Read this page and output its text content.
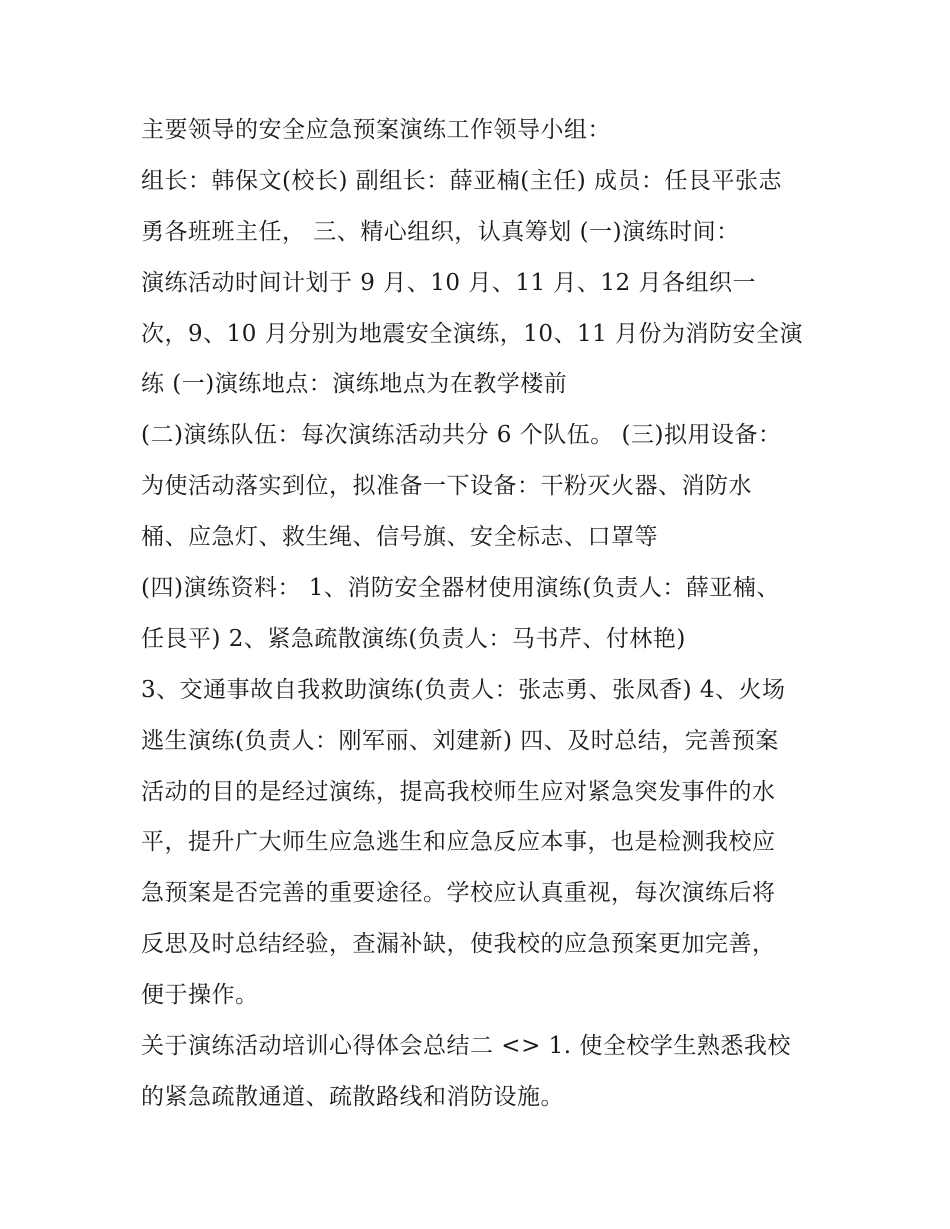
主要领导的安全应急预案演练工作领导小组：
组长：韩保文(校长) 副组长：薛亚楠(主任) 成员：任艮平张志
勇各班班主任， 三、精心组织，认真筹划 (一)演练时间：
演练活动时间计划于 9 月、10 月、11 月、12 月各组织一
次，9、10 月分别为地震安全演练，10、11 月份为消防安全演
练 (一)演练地点：演练地点为在教学楼前
(二)演练队伍：每次演练活动共分 6 个队伍。 (三)拟用设备：
为使活动落实到位，拟准备一下设备：干粉灭火器、消防水
桶、应急灯、救生绳、信号旗、安全标志、口罩等
(四)演练资料： 1、消防安全器材使用演练(负责人：薛亚楠、
任艮平) 2、紧急疏散演练(负责人：马书芹、付林艳)
3、交通事故自我救助演练(负责人：张志勇、张凤香) 4、火场
逃生演练(负责人：刚军丽、刘建新) 四、及时总结，完善预案
活动的目的是经过演练，提高我校师生应对紧急突发事件的水
平，提升广大师生应急逃生和应急反应本事，也是检测我校应
急预案是否完善的重要途径。学校应认真重视，每次演练后将
反思及时总结经验，查漏补缺，使我校的应急预案更加完善，
便于操作。
关于演练活动培训心得体会总结二 <> 1. 使全校学生熟悉我校
的紧急疏散通道、疏散路线和消防设施。
